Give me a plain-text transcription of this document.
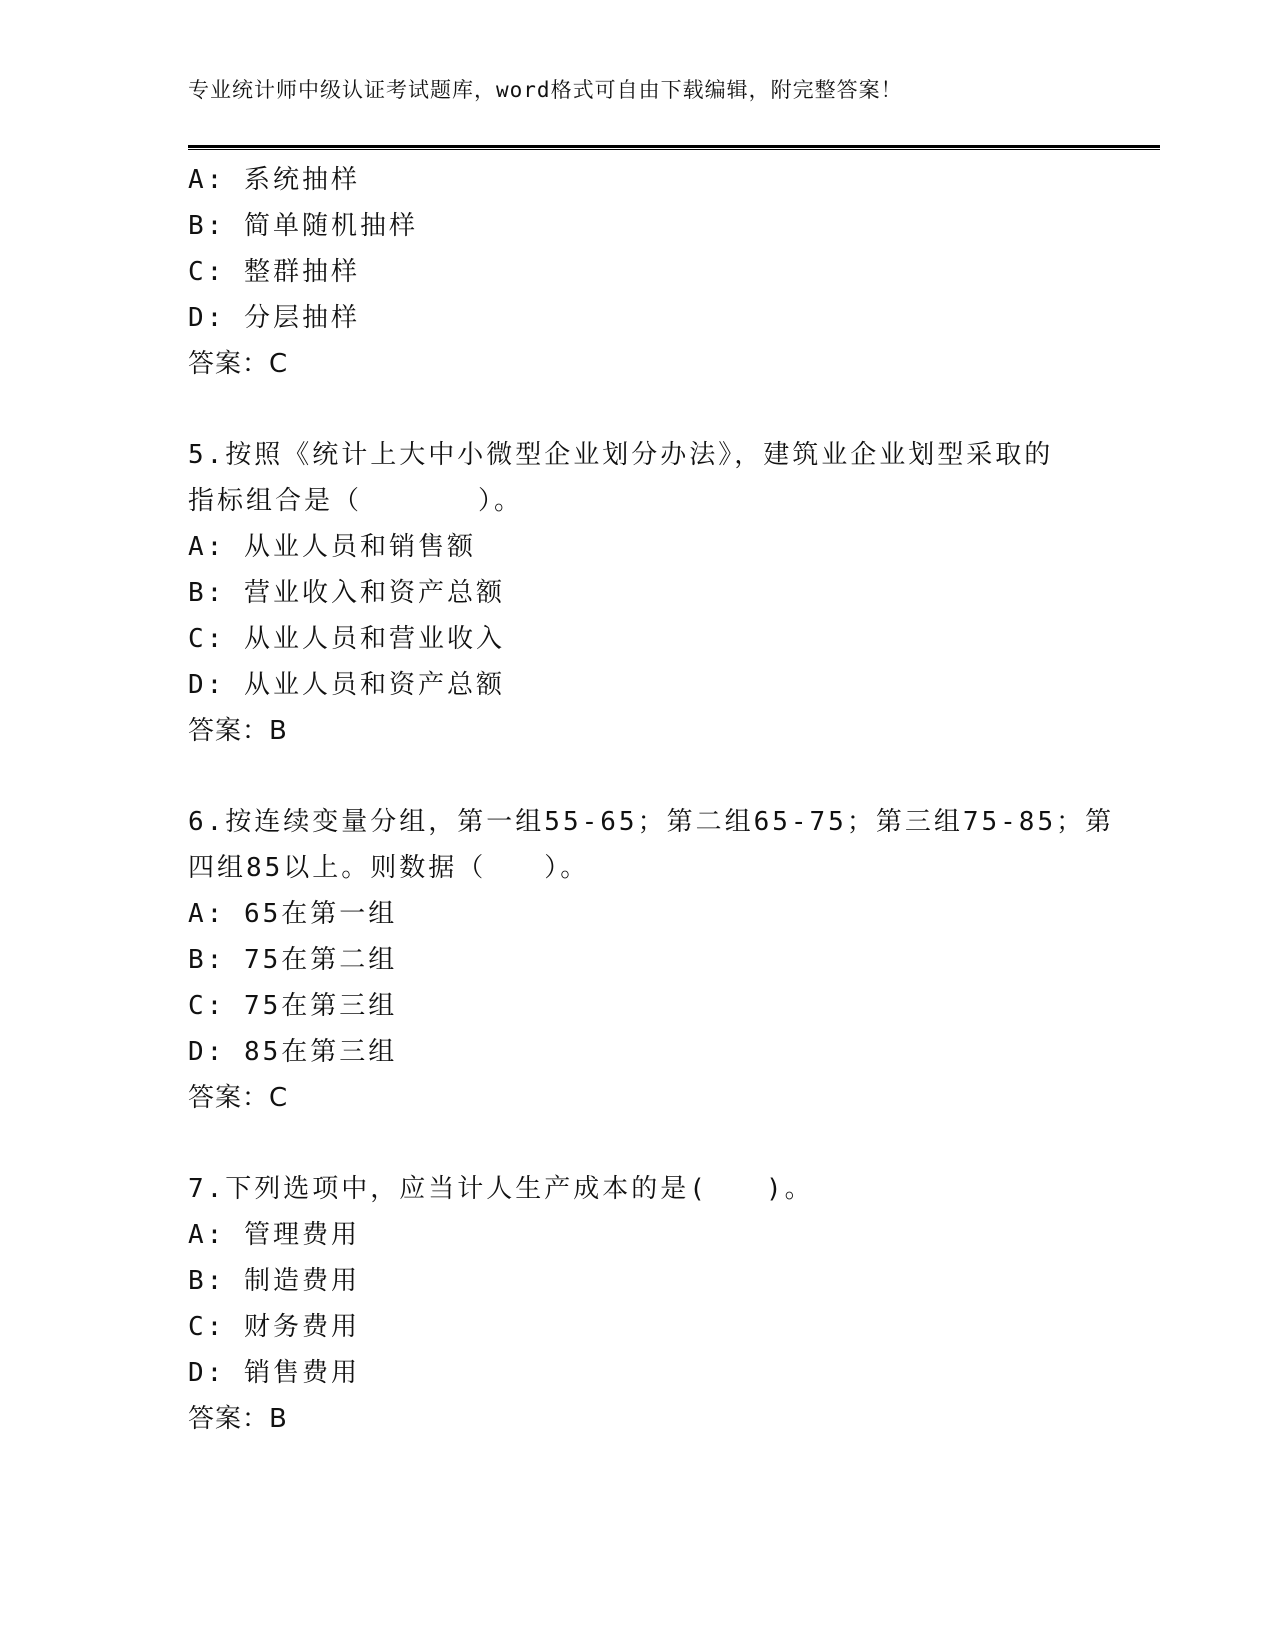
专业统计师中级认证考试题库，word格式可自由下载编辑，附完整答案！
A: 系统抽样
B: 简单随机抽样
C: 整群抽样
D: 分层抽样
答案：C
5.按照《统计上大中小微型企业划分办法》，建筑业企业划型采取的
指标组合是（　　　　）。
A: 从业人员和销售额
B: 营业收入和资产总额
C: 从业人员和营业收入
D: 从业人员和资产总额
答案：B
6.按连续变量分组，第一组55-65；第二组65-75；第三组75-85；第
四组85以上。则数据（　　）。
A: 65在第一组
B: 75在第二组
C: 75在第三组
D: 85在第三组
答案：C
7.下列选项中，应当计人生产成本的是(　　)。
A: 管理费用
B: 制造费用
C: 财务费用
D: 销售费用
答案：B
